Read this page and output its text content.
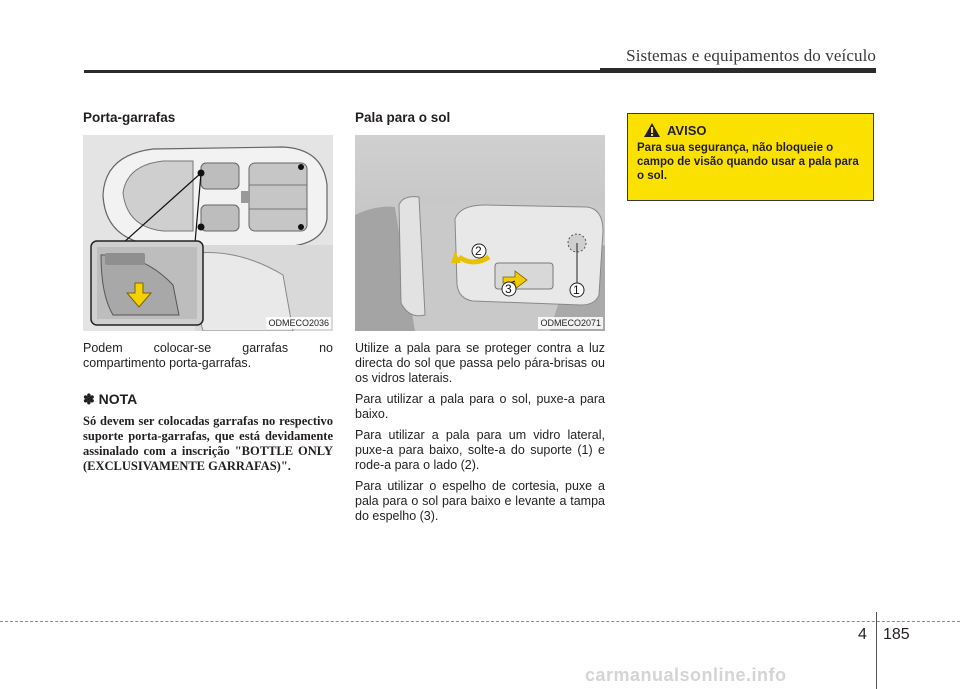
Sistemas e equipamentos do veículo
Porta-garrafas
ODMECO2036

Podem colocar-se garrafas no compartimento porta-garrafas.

✽ NOTA
Só devem ser colocadas garrafas no respectivo suporte porta-garrafas, que está devidamente assinalado com a inscrição "BOTTLE ONLY (EXCLUSIVAMENTE GARRAFAS)".
Pala para o sol
1
2
3
ODMECO2071

Utilize a pala para se proteger contra a luz directa do sol que passa pelo pára-brisas ou os vidros laterais.

Para utilizar a pala para o sol, puxe-a para baixo.

Para utilizar a pala para um vidro lateral, puxe-a para baixo, solte-a do suporte (1) e rode-a para o lado (2).

Para utilizar o espelho de cortesia, puxe a pala para o sol para baixo e levante a tampa do espelho (3).

AVISO
Para sua segurança, não bloqueie o campo de visão quando usar a pala para o sol.
4 185
carmanualsonline.info
